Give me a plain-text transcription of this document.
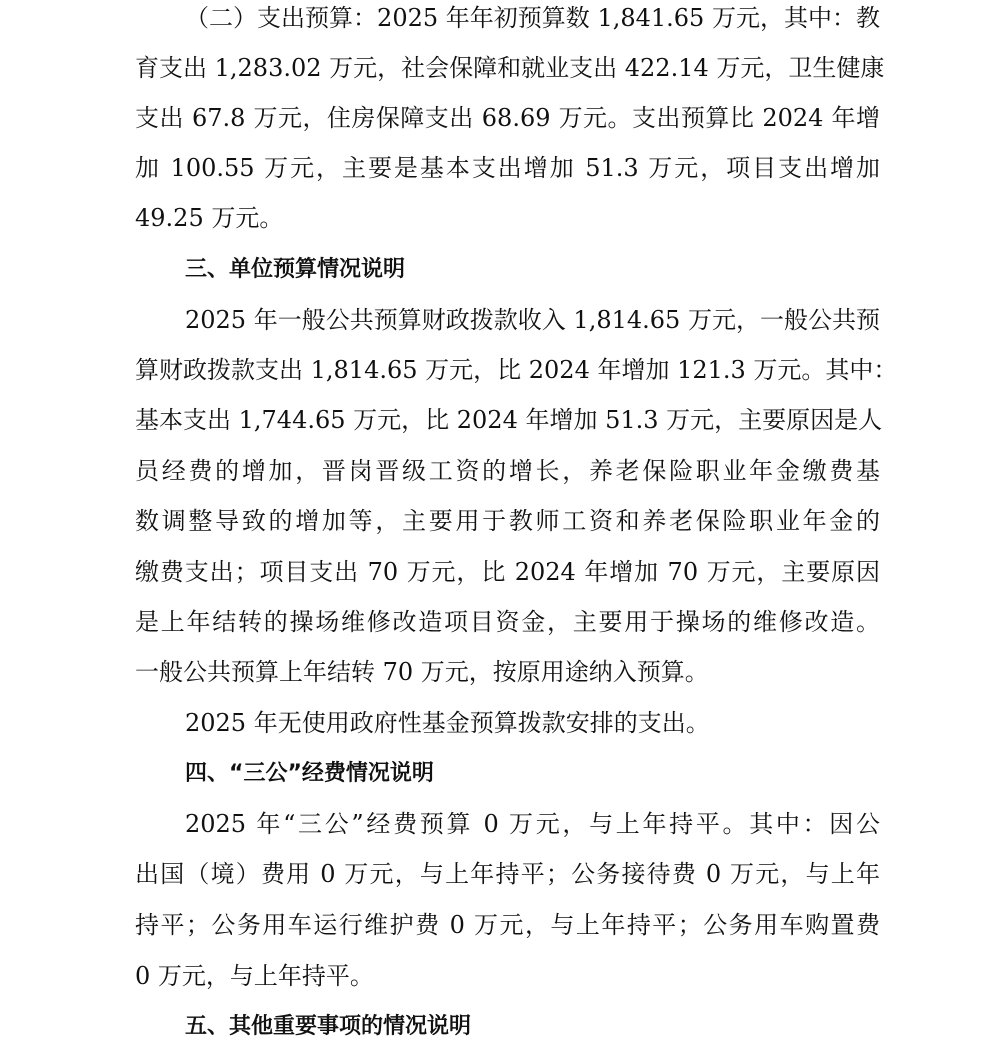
（二）支出预算：2025 年年初预算数 1,841.65 万元，其中：教
育支出 1,283.02 万元，社会保障和就业支出 422.14 万元，卫生健康
支出 67.8 万元，住房保障支出 68.69 万元。支出预算比 2024 年增
加 100.55 万元，主要是基本支出增加 51.3 万元，项目支出增加
49.25 万元。
三、单位预算情况说明
2025 年一般公共预算财政拨款收入 1,814.65 万元，一般公共预
算财政拨款支出 1,814.65 万元，比 2024 年增加 121.3 万元。其中：
基本支出 1,744.65 万元，比 2024 年增加 51.3 万元，主要原因是人
员经费的增加，晋岗晋级工资的增长，养老保险职业年金缴费基
数调整导致的增加等，主要用于教师工资和养老保险职业年金的
缴费支出；项目支出 70 万元，比 2024 年增加 70 万元，主要原因
是上年结转的操场维修改造项目资金，主要用于操场的维修改造。
一般公共预算上年结转 70 万元，按原用途纳入预算。
2025 年无使用政府性基金预算拨款安排的支出。
四、“三公”经费情况说明
2025 年“三公”经费预算 0 万元，与上年持平。其中：因公
出国（境）费用 0 万元，与上年持平；公务接待费 0 万元，与上年
持平；公务用车运行维护费 0 万元，与上年持平；公务用车购置费
0 万元，与上年持平。
五、其他重要事项的情况说明
